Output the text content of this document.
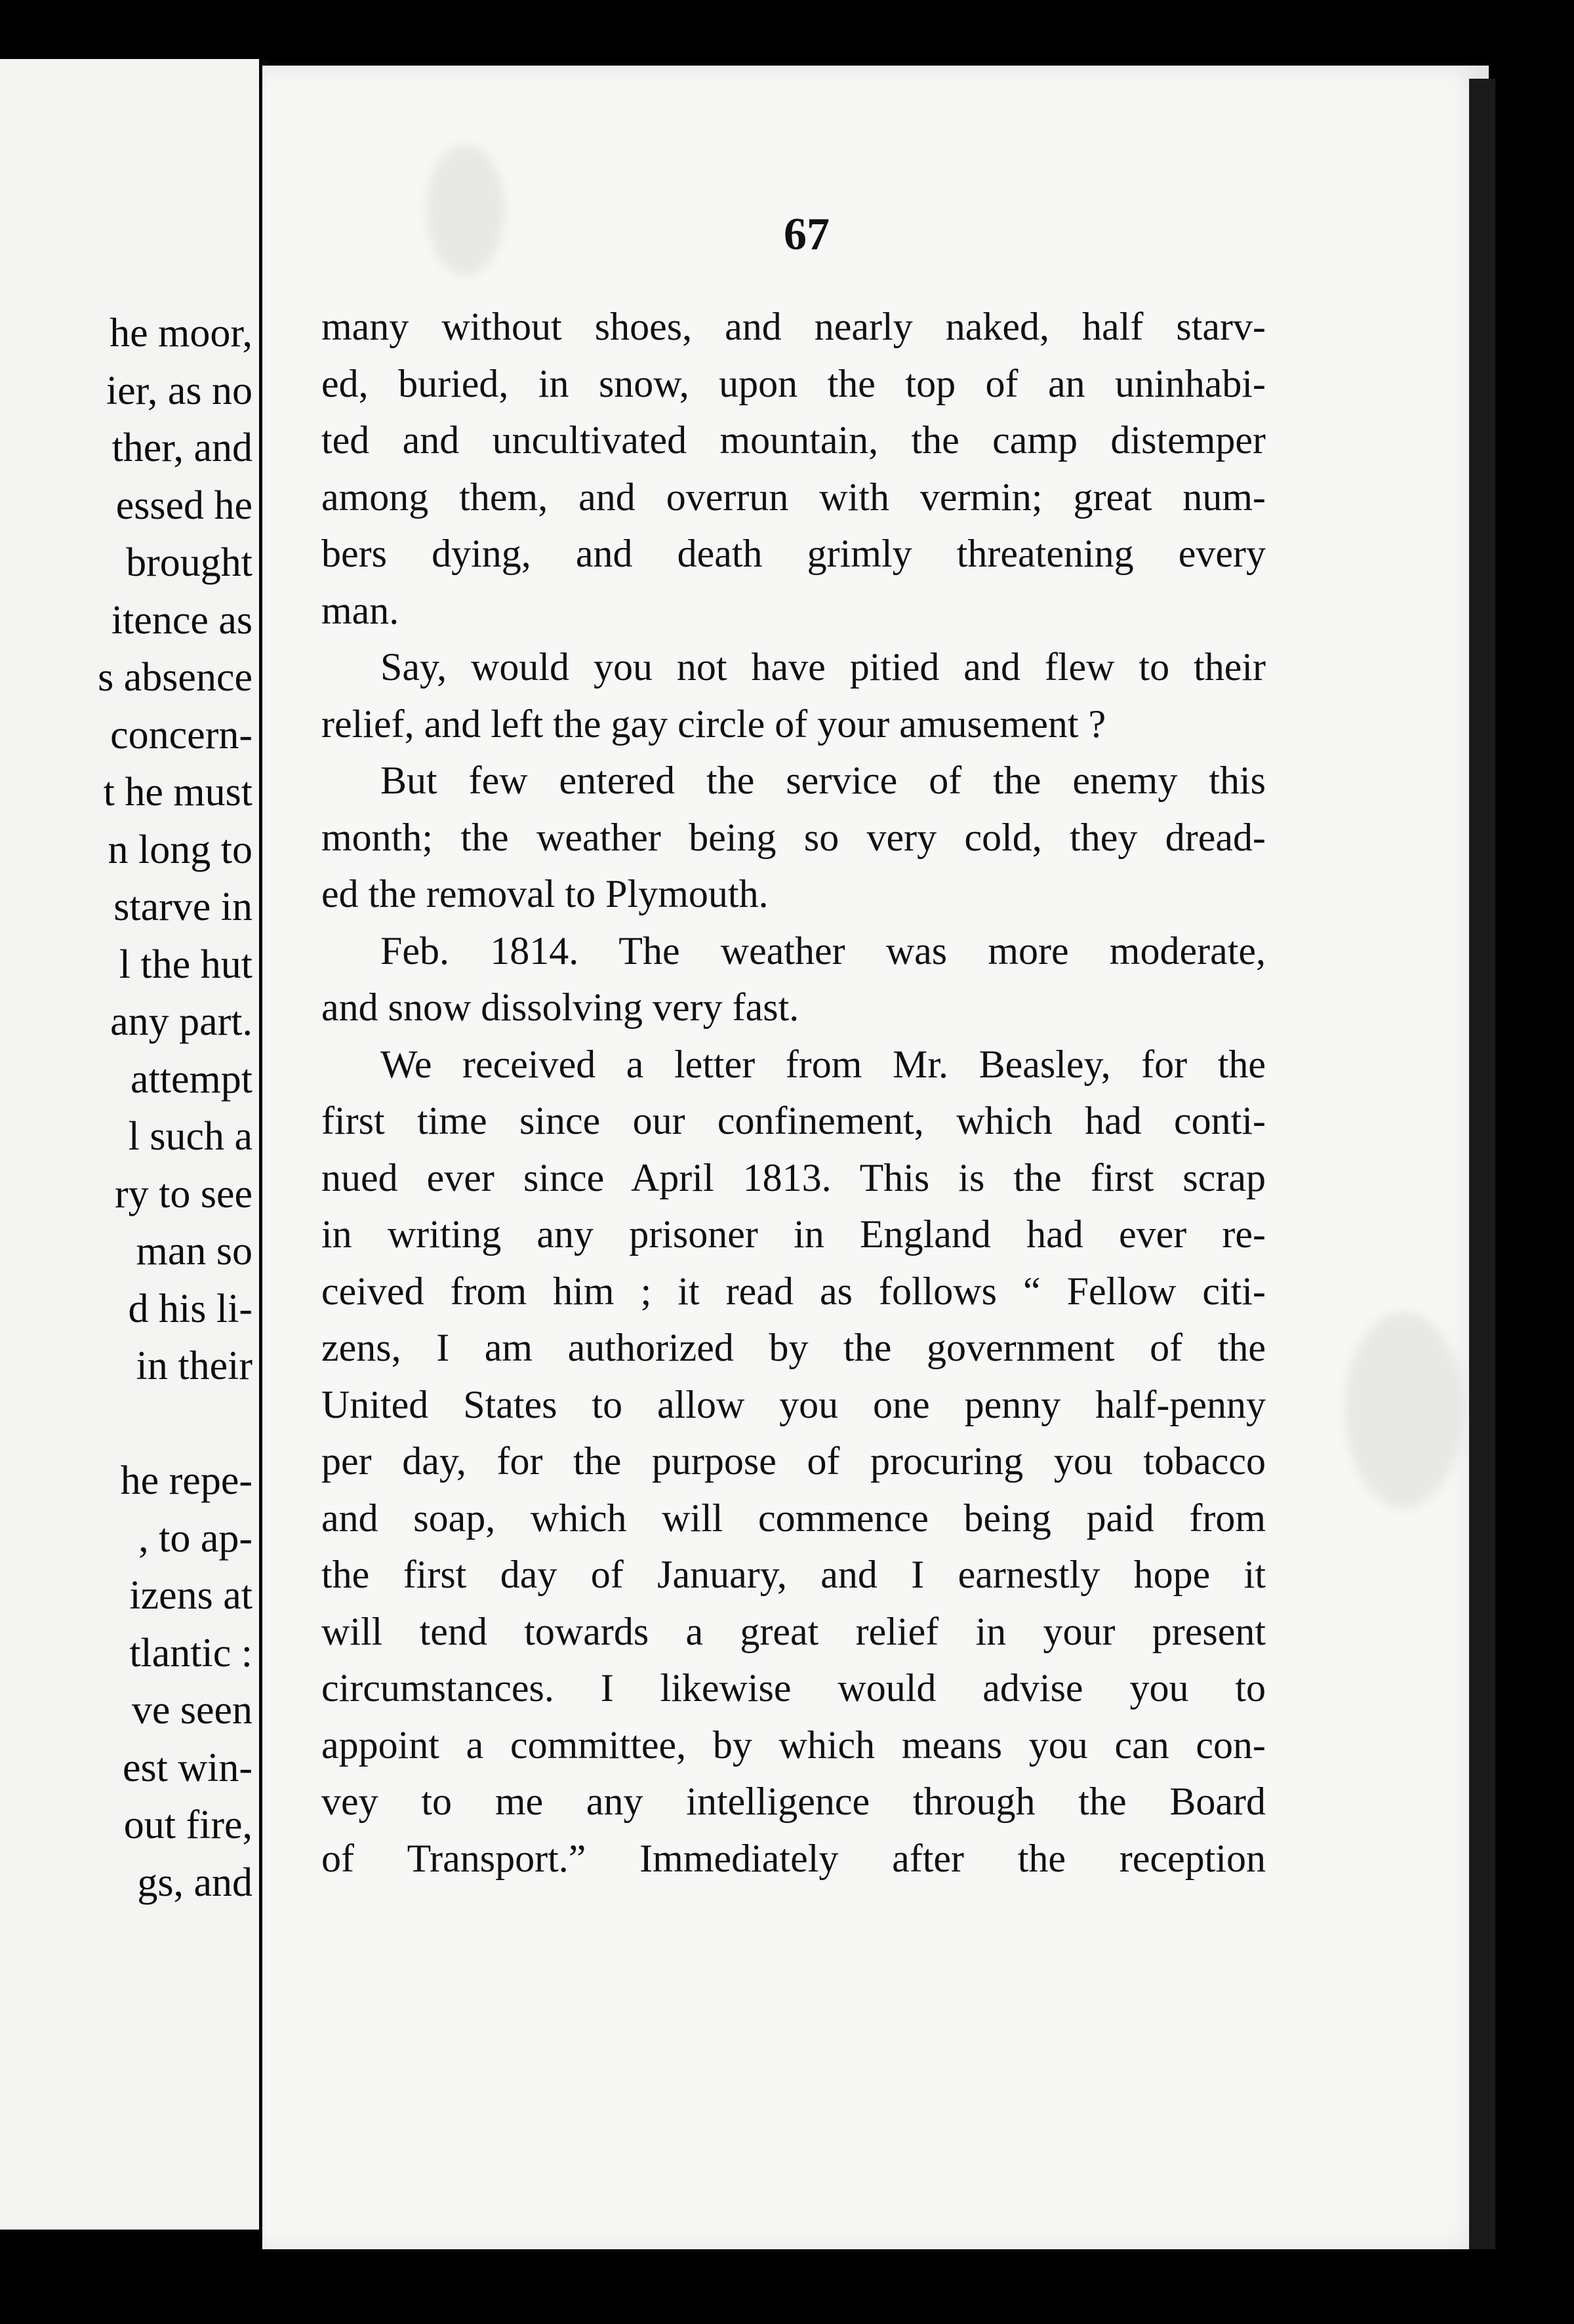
he moor,
ier, as no
ther, and
essed he
brought
itence as
s absence
concern-
t he must
n long to
starve in
l the hut
any part.
attempt
l such a
ry to see
man so
d his li-
in their
he repe-
, to ap-
izens at
tlantic :
ve seen
est win-
out fire,
gs, and
67
many without shoes, and nearly naked, half starv-
ed, buried, in snow, upon the top of an uninhabi-
ted and uncultivated mountain, the camp distemper
among them, and overrun with vermin; great num-
bers dying, and death grimly threatening every
man.
Say, would you not have pitied and flew to their
relief, and left the gay circle of your amusement ?
But few entered the service of the enemy this
month; the weather being so very cold, they dread-
ed the removal to Plymouth.
Feb. 1814. The weather was more moderate,
and snow dissolving very fast.
We received a letter from Mr. Beasley, for the
first time since our confinement, which had conti-
nued ever since April 1813. This is the first scrap
in writing any prisoner in England had ever re-
ceived from him ; it read as follows “ Fellow citi-
zens, I am authorized by the government of the
United States to allow you one penny half-penny
per day, for the purpose of procuring you tobacco
and soap, which will commence being paid from
the first day of January, and I earnestly hope it
will tend towards a great relief in your present
circumstances. I likewise would advise you to
appoint a committee, by which means you can con-
vey to me any intelligence through the Board
of Transport.” Immediately after the reception
